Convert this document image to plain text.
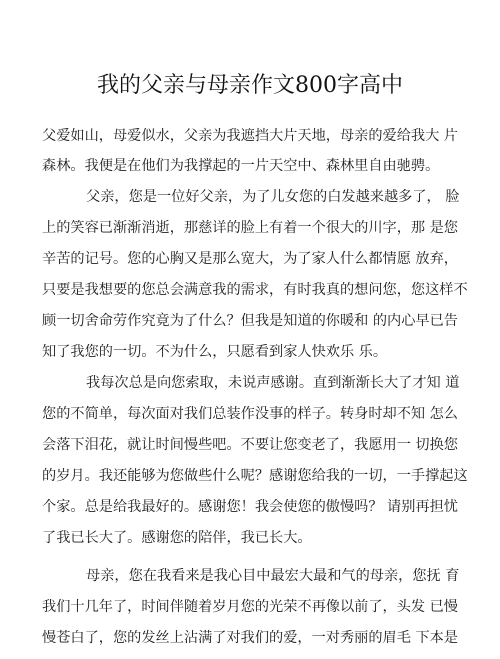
我的父亲与母亲作文800字高中
父爱如山，母爱似水，父亲为我遮挡大片天地，母亲的爱给我大 片
森林。我便是在他们为我撑起的一片天空中、森林里自由驰骋。
父亲，您是一位好父亲，为了儿女您的白发越来越多了， 脸
上的笑容已渐渐消逝，那慈详的脸上有着一个很大的川字，那 是您
辛苦的记号。您的心胸又是那么宽大，为了家人什么都情愿 放弃，
只要是我想要的您总会满意我的需求，有时我真的想问您，您这样不
顾一切舍命劳作究竟为了什么？但我是知道的你暖和 的内心早已告
知了我您的一切。不为什么，只愿看到家人快欢乐 乐。
我每次总是向您索取，未说声感谢。直到渐渐长大了才知 道
您的不简单，每次面对我们总装作没事的样子。转身时却不知 怎么
会落下泪花，就让时间慢些吧。不要让您变老了，我愿用一 切换您
的岁月。我还能够为您做些什么呢？感谢您给我的一切，一手撑起这
个家。总是给我最好的。感谢您！我会使您的傲慢吗？ 请别再担忧
了我已长大了。感谢您的陪伴，我已长大。
母亲，您在我看来是我心目中最宏大最和气的母亲，您抚 育
我们十几年了，时间伴随着岁月您的光荣不再像以前了，头发 已慢
慢苍白了，您的发丝上沾满了对我们的爱，一对秀丽的眉毛 下本是
